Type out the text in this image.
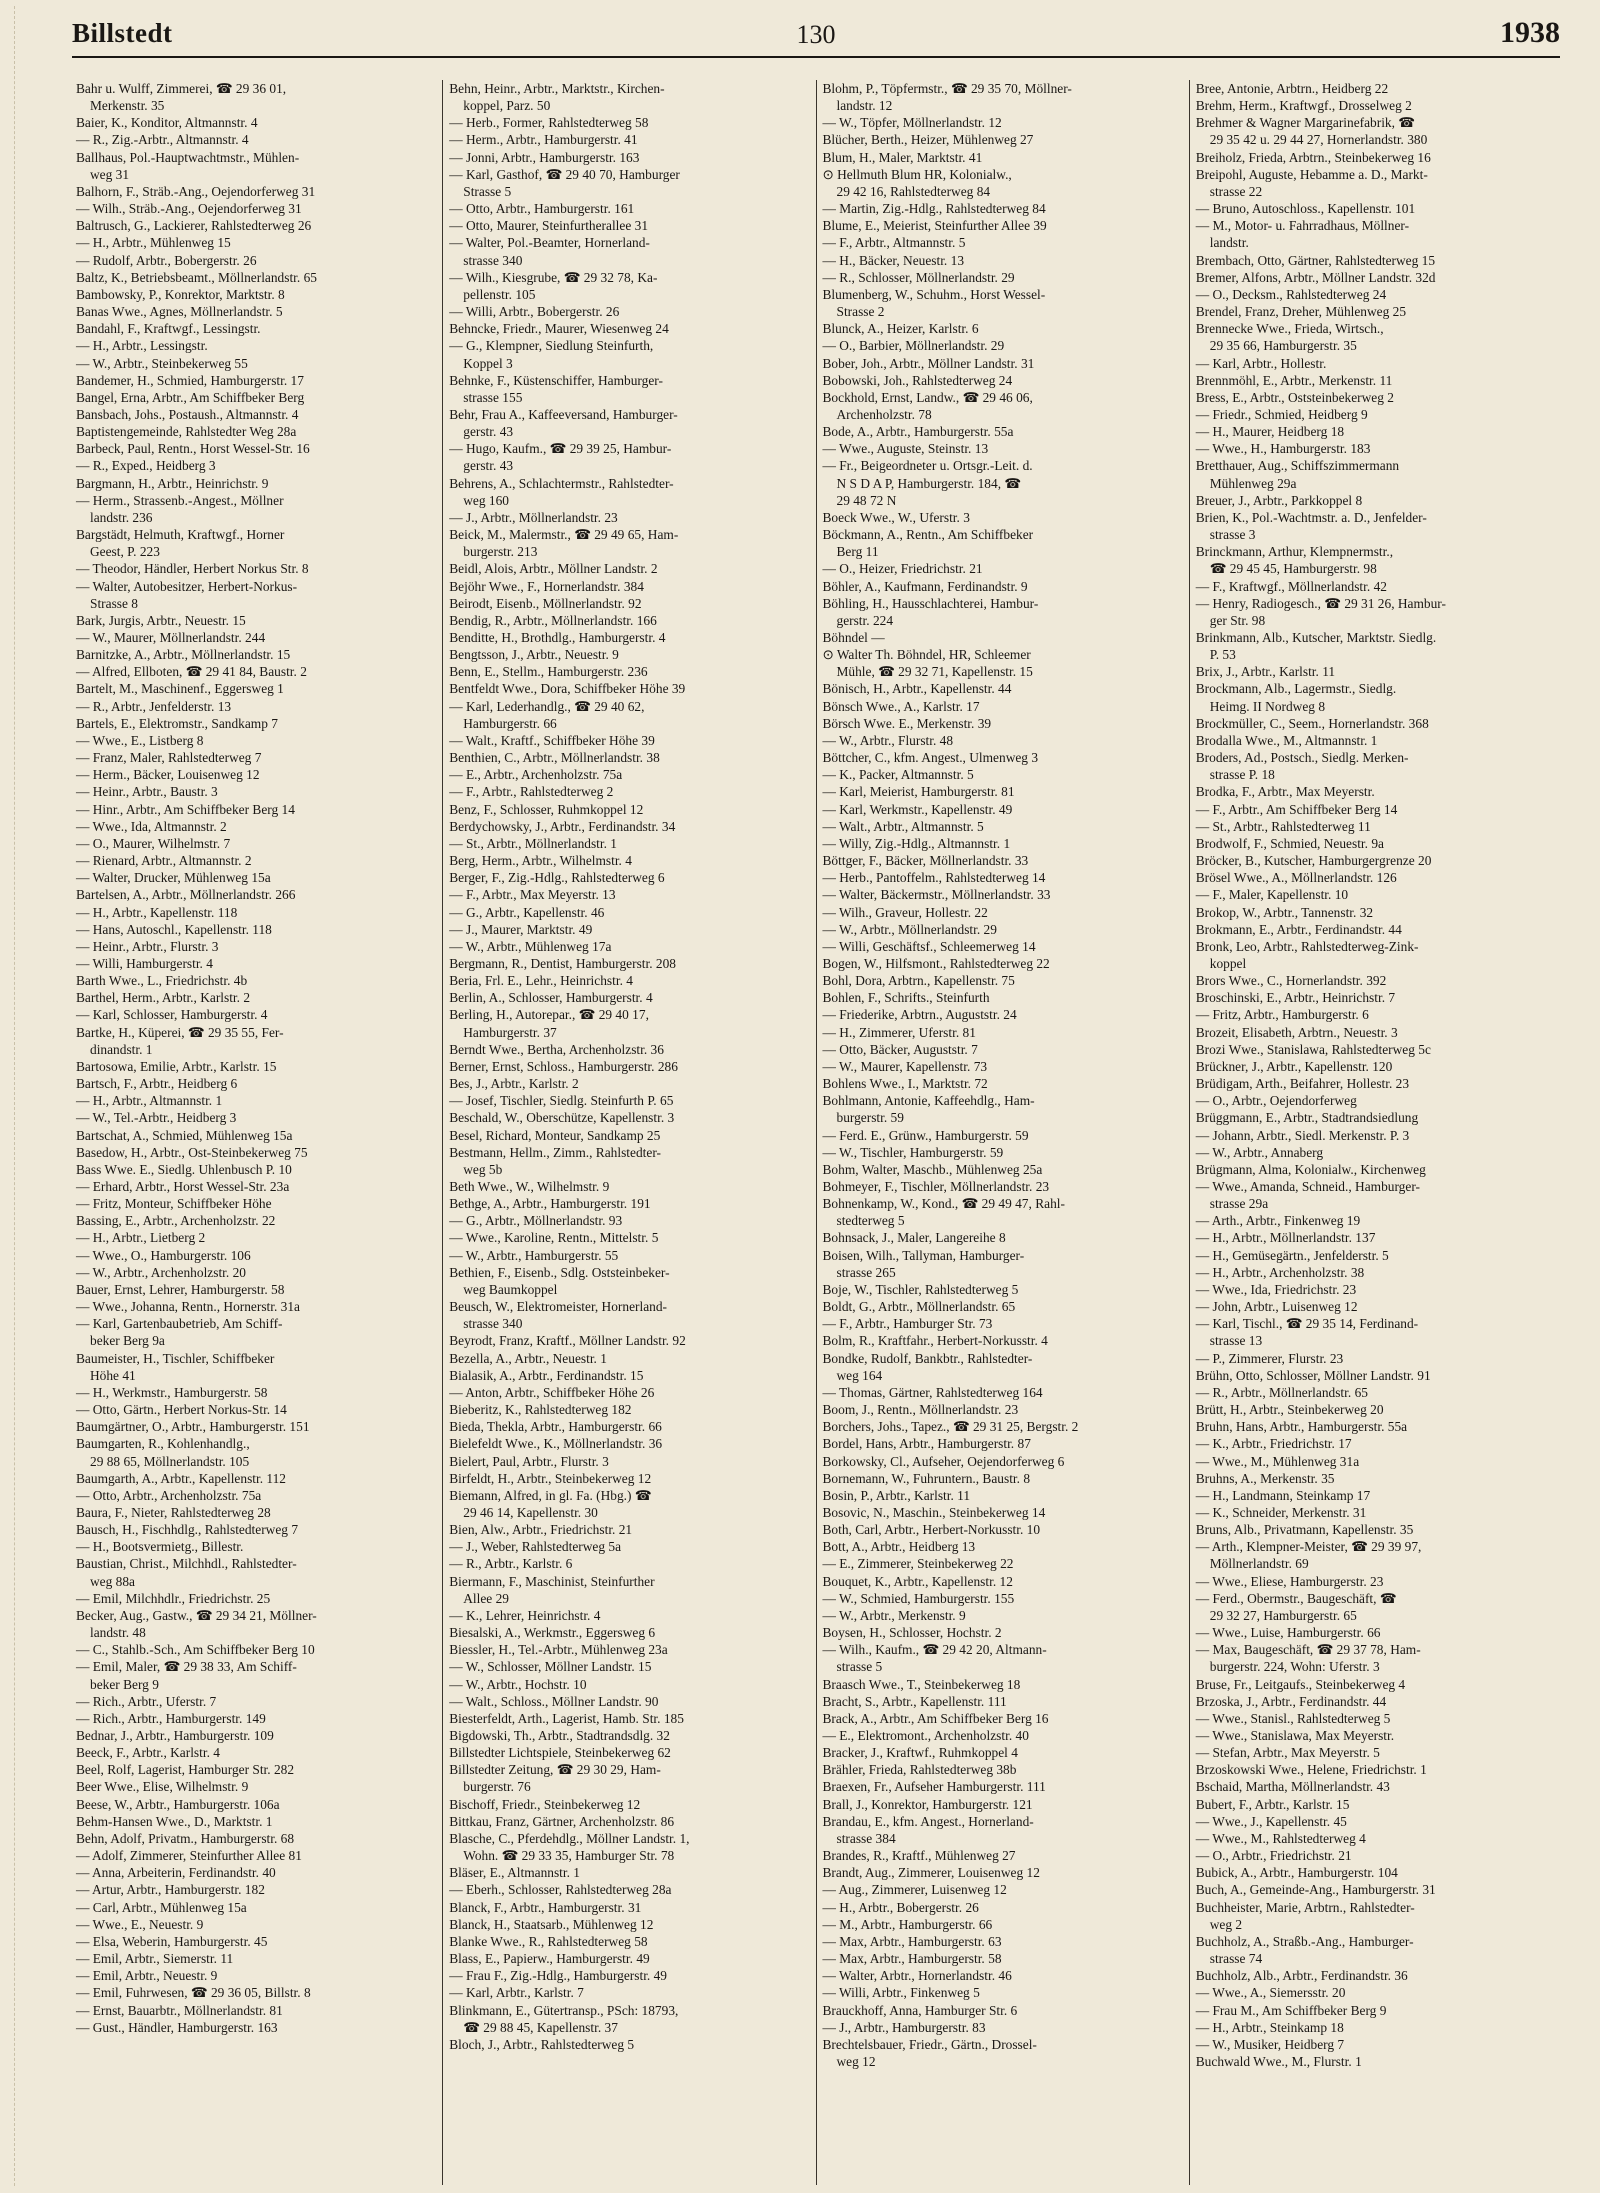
Billstedt	130	1938

Bahr u. Wulff, Zimmerei, ☎ 29 36 01,

Merkenstr. 35

Baier, K., Konditor, Altmannstr. 4

— R., Zig.-Arbtr., Altmannstr. 4

Ballhaus, Pol.-Hauptwachtmstr., Mühlen-

weg 31

Balhorn, F., Sträb.-Ang., Oejendorferweg 31

— Wilh., Sträb.-Ang., Oejendorferweg 31

Baltrusch, G., Lackierer, Rahlstedterweg 26

— H., Arbtr., Mühlenweg 15

— Rudolf, Arbtr., Bobergerstr. 26

Baltz, K., Betriebsbeamt., Möllnerlandstr. 65

Bambowsky, P., Konrektor, Marktstr. 8

Banas Wwe., Agnes, Möllnerlandstr. 5

Bandahl, F., Kraftwgf., Lessingstr.

— H., Arbtr., Lessingstr.

— W., Arbtr., Steinbekerweg 55

Bandemer, H., Schmied, Hamburgerstr. 17

Bangel, Erna, Arbtr., Am Schiffbeker Berg

Bansbach, Johs., Postaush., Altmannstr. 4

Baptistengemeinde, Rahlstedter Weg 28a

Barbeck, Paul, Rentn., Horst Wessel-Str. 16

— R., Exped., Heidberg 3

Bargmann, H., Arbtr., Heinrichstr. 9

— Herm., Strassenb.-Angest., Möllner

landstr. 236

Bargstädt, Helmuth, Kraftwgf., Horner

Geest, P. 223

— Theodor, Händler, Herbert Norkus Str. 8

— Walter, Autobesitzer, Herbert-Norkus-

Strasse 8

Bark, Jurgis, Arbtr., Neuestr. 15

— W., Maurer, Möllnerlandstr. 244

Barnitzke, A., Arbtr., Möllnerlandstr. 15

— Alfred, Ellboten, ☎ 29 41 84, Baustr. 2

Bartelt, M., Maschinenf., Eggersweg 1

— R., Arbtr., Jenfelderstr. 13

Bartels, E., Elektromstr., Sandkamp 7

— Wwe., E., Listberg 8

— Franz, Maler, Rahlstedterweg 7

— Herm., Bäcker, Louisenweg 12

— Heinr., Arbtr., Baustr. 3

— Hinr., Arbtr., Am Schiffbeker Berg 14

— Wwe., Ida, Altmannstr. 2

— O., Maurer, Wilhelmstr. 7

— Rienard, Arbtr., Altmannstr. 2

— Walter, Drucker, Mühlenweg 15a

Bartelsen, A., Arbtr., Möllnerlandstr. 266

— H., Arbtr., Kapellenstr. 118

— Hans, Autoschl., Kapellenstr. 118

— Heinr., Arbtr., Flurstr. 3

— Willi, Hamburgerstr. 4

Barth Wwe., L., Friedrichstr. 4b

Barthel, Herm., Arbtr., Karlstr. 2

— Karl, Schlosser, Hamburgerstr. 4

Bartke, H., Küperei, ☎ 29 35 55, Fer-

dinandstr. 1

Bartosowa, Emilie, Arbtr., Karlstr. 15

Bartsch, F., Arbtr., Heidberg 6

— H., Arbtr., Altmannstr. 1

— W., Tel.-Arbtr., Heidberg 3

Bartschat, A., Schmied, Mühlenweg 15a

Basedow, H., Arbtr., Ost-Steinbekerweg 75

Bass Wwe. E., Siedlg. Uhlenbusch P. 10

— Erhard, Arbtr., Horst Wessel-Str. 23a

— Fritz, Monteur, Schiffbeker Höhe

Bassing, E., Arbtr., Archenholzstr. 22

— H., Arbtr., Lietberg 2

— Wwe., O., Hamburgerstr. 106

— W., Arbtr., Archenholzstr. 20

Bauer, Ernst, Lehrer, Hamburgerstr. 58

— Wwe., Johanna, Rentn., Hornerstr. 31a

— Karl, Gartenbaubetrieb, Am Schiff-

beker Berg 9a

Baumeister, H., Tischler, Schiffbeker

Höhe 41

— H., Werkmstr., Hamburgerstr. 58

— Otto, Gärtn., Herbert Norkus-Str. 14

Baumgärtner, O., Arbtr., Hamburgerstr. 151

Baumgarten, R., Kohlenhandlg.,

29 88 65, Möllnerlandstr. 105

Baumgarth, A., Arbtr., Kapellenstr. 112

— Otto, Arbtr., Archenholzstr. 75a

Baura, F., Nieter, Rahlstedterweg 28

Bausch, H., Fischhdlg., Rahlstedterweg 7

— H., Bootsvermietg., Billestr.

Baustian, Christ., Milchhdl., Rahlstedter-

weg 88a

— Emil, Milchhdlr., Friedrichstr. 25

Becker, Aug., Gastw., ☎ 29 34 21, Möllner-

landstr. 48

— C., Stahlb.-Sch., Am Schiffbeker Berg 10

— Emil, Maler, ☎ 29 38 33, Am Schiff-

beker Berg 9

— Rich., Arbtr., Uferstr. 7

— Rich., Arbtr., Hamburgerstr. 149

Bednar, J., Arbtr., Hamburgerstr. 109

Beeck, F., Arbtr., Karlstr. 4

Beel, Rolf, Lagerist, Hamburger Str. 282

Beer Wwe., Elise, Wilhelmstr. 9

Beese, W., Arbtr., Hamburgerstr. 106a

Behm-Hansen Wwe., D., Marktstr. 1

Behn, Adolf, Privatm., Hamburgerstr. 68

— Adolf, Zimmerer, Steinfurther Allee 81

— Anna, Arbeiterin, Ferdinandstr. 40

— Artur, Arbtr., Hamburgerstr. 182

— Carl, Arbtr., Mühlenweg 15a

— Wwe., E., Neuestr. 9

— Elsa, Weberin, Hamburgerstr. 45

— Emil, Arbtr., Siemerstr. 11

— Emil, Arbtr., Neuestr. 9

— Emil, Fuhrwesen, ☎ 29 36 05, Billstr. 8

— Ernst, Bauarbtr., Möllnerlandstr. 81

— Gust., Händler, Hamburgerstr. 163

Behn, Heinr., Arbtr., Marktstr., Kirchen-

koppel, Parz. 50

— Herb., Former, Rahlstedterweg 58

— Herm., Arbtr., Hamburgerstr. 41

— Jonni, Arbtr., Hamburgerstr. 163

— Karl, Gasthof, ☎ 29 40 70, Hamburger

Strasse 5

— Otto, Arbtr., Hamburgerstr. 161

— Otto, Maurer, Steinfurtherallee 31

— Walter, Pol.-Beamter, Hornerland-

strasse 340

— Wilh., Kiesgrube, ☎ 29 32 78, Ka-

pellenstr. 105

— Willi, Arbtr., Bobergerstr. 26

Behncke, Friedr., Maurer, Wiesenweg 24

— G., Klempner, Siedlung Steinfurth,

Koppel 3

Behnke, F., Küstenschiffer, Hamburger-

strasse 155

Behr, Frau A., Kaffeeversand, Hamburger-

gerstr. 43

— Hugo, Kaufm., ☎ 29 39 25, Hambur-

gerstr. 43

Behrens, A., Schlachtermstr., Rahlstedter-

weg 160

— J., Arbtr., Möllnerlandstr. 23

Beick, M., Malermstr., ☎ 29 49 65, Ham-

burgerstr. 213

Beidl, Alois, Arbtr., Möllner Landstr. 2

Bejöhr Wwe., F., Hornerlandstr. 384

Beirodt, Eisenb., Möllnerlandstr. 92

Bendig, R., Arbtr., Möllnerlandstr. 166

Benditte, H., Brothdlg., Hamburgerstr. 4

Bengtsson, J., Arbtr., Neuestr. 9

Benn, E., Stellm., Hamburgerstr. 236

Bentfeldt Wwe., Dora, Schiffbeker Höhe 39

— Karl, Lederhandlg., ☎ 29 40 62,

Hamburgerstr. 66

— Walt., Kraftf., Schiffbeker Höhe 39

Benthien, C., Arbtr., Möllnerlandstr. 38

— E., Arbtr., Archenholzstr. 75a

— F., Arbtr., Rahlstedterweg 2

Benz, F., Schlosser, Ruhmkoppel 12

Berdychowsky, J., Arbtr., Ferdinandstr. 34

— St., Arbtr., Möllnerlandstr. 1

Berg, Herm., Arbtr., Wilhelmstr. 4

Berger, F., Zig.-Hdlg., Rahlstedterweg 6

— F., Arbtr., Max Meyerstr. 13

— G., Arbtr., Kapellenstr. 46

— J., Maurer, Marktstr. 49

— W., Arbtr., Mühlenweg 17a

Bergmann, R., Dentist, Hamburgerstr. 208

Beria, Frl. E., Lehr., Heinrichstr. 4

Berlin, A., Schlosser, Hamburgerstr. 4

Berling, H., Autorepar., ☎ 29 40 17,

Hamburgerstr. 37

Berndt Wwe., Bertha, Archenholzstr. 36

Berner, Ernst, Schloss., Hamburgerstr. 286

Bes, J., Arbtr., Karlstr. 2

— Josef, Tischler, Siedlg. Steinfurth P. 65

Beschald, W., Oberschütze, Kapellenstr. 3

Besel, Richard, Monteur, Sandkamp 25

Bestmann, Hellm., Zimm., Rahlstedter-

weg 5b

Beth Wwe., W., Wilhelmstr. 9

Bethge, A., Arbtr., Hamburgerstr. 191

— G., Arbtr., Möllnerlandstr. 93

— Wwe., Karoline, Rentn., Mittelstr. 5

— W., Arbtr., Hamburgerstr. 55

Bethien, F., Eisenb., Sdlg. Oststeinbeker-

weg Baumkoppel

Beusch, W., Elektromeister, Hornerland-

strasse 340

Beyrodt, Franz, Kraftf., Möllner Landstr. 92

Bezella, A., Arbtr., Neuestr. 1

Bialasik, A., Arbtr., Ferdinandstr. 15

— Anton, Arbtr., Schiffbeker Höhe 26

Bieberitz, K., Rahlstedterweg 182

Bieda, Thekla, Arbtr., Hamburgerstr. 66

Bielefeldt Wwe., K., Möllnerlandstr. 36

Bielert, Paul, Arbtr., Flurstr. 3

Birfeldt, H., Arbtr., Steinbekerweg 12

Biemann, Alfred, in gl. Fa. (Hbg.) ☎

29 46 14, Kapellenstr. 30

Bien, Alw., Arbtr., Friedrichstr. 21

— J., Weber, Rahlstedterweg 5a

— R., Arbtr., Karlstr. 6

Biermann, F., Maschinist, Steinfurther

Allee 29

— K., Lehrer, Heinrichstr. 4

Biesalski, A., Werkmstr., Eggersweg 6

Biessler, H., Tel.-Arbtr., Mühlenweg 23a

— W., Schlosser, Möllner Landstr. 15

— W., Arbtr., Hochstr. 10

— Walt., Schloss., Möllner Landstr. 90

Biesterfeldt, Arth., Lagerist, Hamb. Str. 185

Bigdowski, Th., Arbtr., Stadtrandsdlg. 32

Billstedter Lichtspiele, Steinbekerweg 62

Billstedter Zeitung, ☎ 29 30 29, Ham-

burgerstr. 76

Bischoff, Friedr., Steinbekerweg 12

Bittkau, Franz, Gärtner, Archenholzstr. 86

Blasche, C., Pferdehdlg., Möllner Landstr. 1,

Wohn. ☎ 29 33 35, Hamburger Str. 78

Bläser, E., Altmannstr. 1

— Eberh., Schlosser, Rahlstedterweg 28a

Blanck, F., Arbtr., Hamburgerstr. 31

Blanck, H., Staatsarb., Mühlenweg 12

Blanke Wwe., R., Rahlstedterweg 58

Blass, E., Papierw., Hamburgerstr. 49

— Frau F., Zig.-Hdlg., Hamburgerstr. 49

— Karl, Arbtr., Karlstr. 7

Blinkmann, E., Gütertransp., PSch: 18793,

☎ 29 88 45, Kapellenstr. 37

Bloch, J., Arbtr., Rahlstedterweg 5

Blohm, P., Töpfermstr., ☎ 29 35 70, Möllner-

landstr. 12

— W., Töpfer, Möllnerlandstr. 12

Blücher, Berth., Heizer, Mühlenweg 27

Blum, H., Maler, Marktstr. 41

⊙ Hellmuth Blum HR, Kolonialw.,

29 42 16, Rahlstedterweg 84

— Martin, Zig.-Hdlg., Rahlstedterweg 84

Blume, E., Meierist, Steinfurther Allee 39

— F., Arbtr., Altmannstr. 5

— H., Bäcker, Neuestr. 13

— R., Schlosser, Möllnerlandstr. 29

Blumenberg, W., Schuhm., Horst Wessel-

Strasse 2

Blunck, A., Heizer, Karlstr. 6

— O., Barbier, Möllnerlandstr. 29

Bober, Joh., Arbtr., Möllner Landstr. 31

Bobowski, Joh., Rahlstedterweg 24

Bockhold, Ernst, Landw., ☎ 29 46 06,

Archenholzstr. 78

Bode, A., Arbtr., Hamburgerstr. 55a

— Wwe., Auguste, Steinstr. 13

— Fr., Beigeordneter u. Ortsgr.-Leit. d.

N S D A P, Hamburgerstr. 184, ☎

29 48 72 N

Boeck Wwe., W., Uferstr. 3

Böckmann, A., Rentn., Am Schiffbeker

Berg 11

— O., Heizer, Friedrichstr. 21

Böhler, A., Kaufmann, Ferdinandstr. 9

Böhling, H., Hausschlachterei, Hambur-

gerstr. 224

Böhndel —

⊙ Walter Th. Böhndel, HR, Schleemer

Mühle, ☎ 29 32 71, Kapellenstr. 15

Bönisch, H., Arbtr., Kapellenstr. 44

Bönsch Wwe., A., Karlstr. 17

Börsch Wwe. E., Merkenstr. 39

— W., Arbtr., Flurstr. 48

Böttcher, C., kfm. Angest., Ulmenweg 3

— K., Packer, Altmannstr. 5

— Karl, Meierist, Hamburgerstr. 81

— Karl, Werkmstr., Kapellenstr. 49

— Walt., Arbtr., Altmannstr. 5

— Willy, Zig.-Hdlg., Altmannstr. 1

Böttger, F., Bäcker, Möllnerlandstr. 33

— Herb., Pantoffelm., Rahlstedterweg 14

— Walter, Bäckermstr., Möllnerlandstr. 33

— Wilh., Graveur, Hollestr. 22

— W., Arbtr., Möllnerlandstr. 29

— Willi, Geschäftsf., Schleemerweg 14

Bogen, W., Hilfsmont., Rahlstedterweg 22

Bohl, Dora, Arbtrn., Kapellenstr. 75

Bohlen, F., Schrifts., Steinfurth

— Friederike, Arbtrn., Auguststr. 24

— H., Zimmerer, Uferstr. 81

— Otto, Bäcker, Auguststr. 7

— W., Maurer, Kapellenstr. 73

Bohlens Wwe., I., Marktstr. 72

Bohlmann, Antonie, Kaffeehdlg., Ham-

burgerstr. 59

— Ferd. E., Grünw., Hamburgerstr. 59

— W., Tischler, Hamburgerstr. 59

Bohm, Walter, Maschb., Mühlenweg 25a

Bohmeyer, F., Tischler, Möllnerlandstr. 23

Bohnenkamp, W., Kond., ☎ 29 49 47, Rahl-

stedterweg 5

Bohnsack, J., Maler, Langereihe 8

Boisen, Wilh., Tallyman, Hamburger-

strasse 265

Boje, W., Tischler, Rahlstedterweg 5

Boldt, G., Arbtr., Möllnerlandstr. 65

— F., Arbtr., Hamburger Str. 73

Bolm, R., Kraftfahr., Herbert-Norkusstr. 4

Bondke, Rudolf, Bankbtr., Rahlstedter-

weg 164

— Thomas, Gärtner, Rahlstedterweg 164

Boom, J., Rentn., Möllnerlandstr. 23

Borchers, Johs., Tapez., ☎ 29 31 25, Bergstr. 2

Bordel, Hans, Arbtr., Hamburgerstr. 87

Borkowsky, Cl., Aufseher, Oejendorferweg 6

Bornemann, W., Fuhruntern., Baustr. 8

Bosin, P., Arbtr., Karlstr. 11

Bosovic, N., Maschin., Steinbekerweg 14

Both, Carl, Arbtr., Herbert-Norkusstr. 10

Bott, A., Arbtr., Heidberg 13

— E., Zimmerer, Steinbekerweg 22

Bouquet, K., Arbtr., Kapellenstr. 12

— W., Schmied, Hamburgerstr. 155

— W., Arbtr., Merkenstr. 9

Boysen, H., Schlosser, Hochstr. 2

— Wilh., Kaufm., ☎ 29 42 20, Altmann-

strasse 5

Braasch Wwe., T., Steinbekerweg 18

Bracht, S., Arbtr., Kapellenstr. 111

Brack, A., Arbtr., Am Schiffbeker Berg 16

— E., Elektromont., Archenholzstr. 40

Bracker, J., Kraftwf., Ruhmkoppel 4

Brähler, Frieda, Rahlstedterweg 38b

Braexen, Fr., Aufseher Hamburgerstr. 111

Brall, J., Konrektor, Hamburgerstr. 121

Brandau, E., kfm. Angest., Hornerland-

strasse 384

Brandes, R., Kraftf., Mühlenweg 27

Brandt, Aug., Zimmerer, Louisenweg 12

— Aug., Zimmerer, Luisenweg 12

— H., Arbtr., Bobergerstr. 26

— M., Arbtr., Hamburgerstr. 66

— Max, Arbtr., Hamburgerstr. 63

— Max, Arbtr., Hamburgerstr. 58

— Walter, Arbtr., Hornerlandstr. 46

— Willi, Arbtr., Finkenweg 5

Brauckhoff, Anna, Hamburger Str. 6

— J., Arbtr., Hamburgerstr. 83

Brechtelsbauer, Friedr., Gärtn., Drossel-

weg 12

Bree, Antonie, Arbtrn., Heidberg 22

Brehm, Herm., Kraftwgf., Drosselweg 2

Brehmer & Wagner Margarinefabrik, ☎

29 35 42 u. 29 44 27, Hornerlandstr. 380

Breiholz, Frieda, Arbtrn., Steinbekerweg 16

Breipohl, Auguste, Hebamme a. D., Markt-

strasse 22

— Bruno, Autoschloss., Kapellenstr. 101

— M., Motor- u. Fahrradhaus, Möllner-

landstr.

Brembach, Otto, Gärtner, Rahlstedterweg 15

Bremer, Alfons, Arbtr., Möllner Landstr. 32d

— O., Decksm., Rahlstedterweg 24

Brendel, Franz, Dreher, Mühlenweg 25

Brennecke Wwe., Frieda, Wirtsch.,

29 35 66, Hamburgerstr. 35

— Karl, Arbtr., Hollestr.

Brennmöhl, E., Arbtr., Merkenstr. 11

Bress, E., Arbtr., Oststeinbekerweg 2

— Friedr., Schmied, Heidberg 9

— H., Maurer, Heidberg 18

— Wwe., H., Hamburgerstr. 183

Bretthauer, Aug., Schiffszimmermann

Mühlenweg 29a

Breuer, J., Arbtr., Parkkoppel 8

Brien, K., Pol.-Wachtmstr. a. D., Jenfelder-

strasse 3

Brinckmann, Arthur, Klempnermstr.,

☎ 29 45 45, Hamburgerstr. 98

— F., Kraftwgf., Möllnerlandstr. 42

— Henry, Radiogesch., ☎ 29 31 26, Hambur-

ger Str. 98

Brinkmann, Alb., Kutscher, Marktstr. Siedlg.

P. 53

Brix, J., Arbtr., Karlstr. 11

Brockmann, Alb., Lagermstr., Siedlg.

Heimg. II Nordweg 8

Brockmüller, C., Seem., Hornerlandstr. 368

Brodalla Wwe., M., Altmannstr. 1

Broders, Ad., Postsch., Siedlg. Merken-

strasse P. 18

Brodka, F., Arbtr., Max Meyerstr.

— F., Arbtr., Am Schiffbeker Berg 14

— St., Arbtr., Rahlstedterweg 11

Brodwolf, F., Schmied, Neuestr. 9a

Bröcker, B., Kutscher, Hamburgergrenze 20

Brösel Wwe., A., Möllnerlandstr. 126

— F., Maler, Kapellenstr. 10

Brokop, W., Arbtr., Tannenstr. 32

Brokmann, E., Arbtr., Ferdinandstr. 44

Bronk, Leo, Arbtr., Rahlstedterweg-Zink-

koppel

Brors Wwe., C., Hornerlandstr. 392

Broschinski, E., Arbtr., Heinrichstr. 7

— Fritz, Arbtr., Hamburgerstr. 6

Brozeit, Elisabeth, Arbtrn., Neuestr. 3

Brozi Wwe., Stanislawa, Rahlstedterweg 5c

Brückner, J., Arbtr., Kapellenstr. 120

Brüdigam, Arth., Beifahrer, Hollestr. 23

— O., Arbtr., Oejendorferweg

Brüggmann, E., Arbtr., Stadtrandsiedlung

— Johann, Arbtr., Siedl. Merkenstr. P. 3

— W., Arbtr., Annaberg

Brügmann, Alma, Kolonialw., Kirchenweg

— Wwe., Amanda, Schneid., Hamburger-

strasse 29a

— Arth., Arbtr., Finkenweg 19

— H., Arbtr., Möllnerlandstr. 137

— H., Gemüsegärtn., Jenfelderstr. 5

— H., Arbtr., Archenholzstr. 38

— Wwe., Ida, Friedrichstr. 23

— John, Arbtr., Luisenweg 12

— Karl, Tischl., ☎ 29 35 14, Ferdinand-

strasse 13

— P., Zimmerer, Flurstr. 23

Brühn, Otto, Schlosser, Möllner Landstr. 91

— R., Arbtr., Möllnerlandstr. 65

Brütt, H., Arbtr., Steinbekerweg 20

Bruhn, Hans, Arbtr., Hamburgerstr. 55a

— K., Arbtr., Friedrichstr. 17

— Wwe., M., Mühlenweg 31a

Bruhns, A., Merkenstr. 35

— H., Landmann, Steinkamp 17

— K., Schneider, Merkenstr. 31

Bruns, Alb., Privatmann, Kapellenstr. 35

— Arth., Klempner-Meister, ☎ 29 39 97,

Möllnerlandstr. 69

— Wwe., Eliese, Hamburgerstr. 23

— Ferd., Obermstr., Baugeschäft, ☎

29 32 27, Hamburgerstr. 65

— Wwe., Luise, Hamburgerstr. 66

— Max, Baugeschäft, ☎ 29 37 78, Ham-

burgerstr. 224, Wohn: Uferstr. 3

Bruse, Fr., Leitgaufs., Steinbekerweg 4

Brzoska, J., Arbtr., Ferdinandstr. 44

— Wwe., Stanisl., Rahlstedterweg 5

— Wwe., Stanislawa, Max Meyerstr.

— Stefan, Arbtr., Max Meyerstr. 5

Brzoskowski Wwe., Helene, Friedrichstr. 1

Bschaid, Martha, Möllnerlandstr. 43

Bubert, F., Arbtr., Karlstr. 15

— Wwe., J., Kapellenstr. 45

— Wwe., M., Rahlstedterweg 4

— O., Arbtr., Friedrichstr. 21

Bubick, A., Arbtr., Hamburgerstr. 104

Buch, A., Gemeinde-Ang., Hamburgerstr. 31

Buchheister, Marie, Arbtrn., Rahlstedter-

weg 2

Buchholz, A., Straßb.-Ang., Hamburger-

strasse 74

Buchholz, Alb., Arbtr., Ferdinandstr. 36

— Wwe., A., Siemersstr. 20

— Frau M., Am Schiffbeker Berg 9

— H., Arbtr., Steinkamp 18

— W., Musiker, Heidberg 7

Buchwald Wwe., M., Flurstr. 1
